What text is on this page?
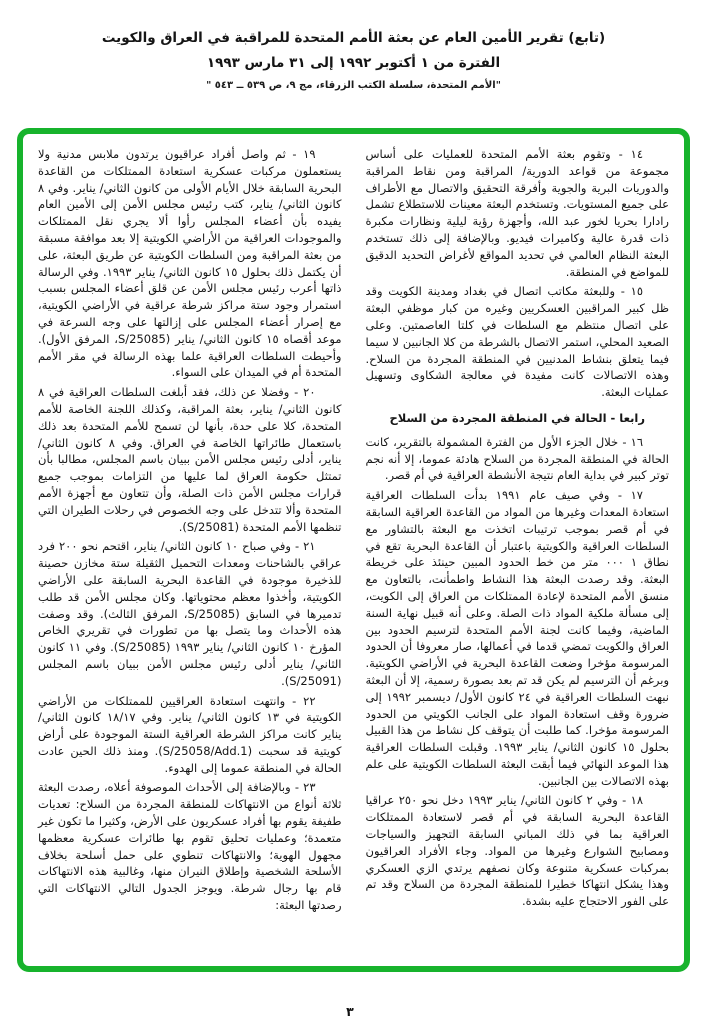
(تابع) تقرير الأمين العام عن بعثة الأمم المتحدة للمراقبة في العراق والكويت
الفترة من ١ أكتوبر ١٩٩٢ إلى ٣١ مارس ١٩٩٣
"الأمم المتحدة، سلسلة الكتب الزرقاء، مج ٩، ص ٥٣٩ ــ ٥٤٣ "

١٤ - وتقوم بعثة الأمم المتحدة للعمليات على أساس مجموعة من قواعد الدورية/ المراقبة ومن نقاط المراقبة والدوريات البرية والجوية وأفرقة التحقيق والاتصال مع الأطراف على جميع المستويات. وتستخدم البعثة معينات للاستطلاع تشمل رادارا بحريا لخور عبد الله، وأجهزة رؤية ليلية ونظارات مكبرة ذات قدرة عالية وكاميرات فيديو. وبالإضافة إلى ذلك تستخدم البعثة النظام العالمي في تحديد المواقع لأغراض التحديد الدقيق للمواضع في المنطقة.

١٥ - وللبعثة مكاتب اتصال في بغداد ومدينة الكويت وقد ظل كبير المراقبين العسكريين وغيره من كبار موظفي البعثة على اتصال منتظم مع السلطات في كلتا العاصمتين. وعلى الصعيد المحلي، استمر الاتصال بالشرطة من كلا الجانبين لا سيما فيما يتعلق بنشاط المدنيين في المنطقة المجردة من السلاح. وهذه الاتصالات كانت مفيدة في معالجة الشكاوى وتسهيل عمليات البعثة.

رابعا - الحالة في المنطقة المجردة من السلاح

١٦ - خلال الجزء الأول من الفترة المشمولة بالتقرير، كانت الحالة في المنطقة المجردة من السلاح هادئة عموما، إلا أنه نجم توتر كبير في بداية العام نتيجة الأنشطة العراقية في أم قصر.

١٧ - وفي صيف عام ١٩٩١ بدأت السلطات العراقية استعادة المعدات وغيرها من المواد من القاعدة العراقية السابقة في أم قصر بموجب ترتيبات اتخذت مع البعثة بالتشاور مع السلطات العراقية والكويتية باعتبار أن القاعدة البحرية تقع في نطاق ١ ٠٠٠ متر من خط الحدود المبين حينئذ على خريطة البعثة. وقد رصدت البعثة هذا النشاط واطمأنت، بالتعاون مع منسق الأمم المتحدة لإعادة الممتلكات من العراق إلى الكويت، إلى مسألة ملكية المواد ذات الصلة. وعلى أنه قبيل نهاية السنة الماضية، وفيما كانت لجنة الأمم المتحدة لترسيم الحدود بين العراق والكويت تمضي قدما في أعمالها، صار معروفا أن الحدود المرسومة مؤخرا وضعت القاعدة البحرية في الأراضي الكويتية. وبرغم أن الترسيم لم يكن قد تم بعد بصورة رسمية، إلا أن البعثة نبهت السلطات العراقية في ٢٤ كانون الأول/ ديسمبر ١٩٩٢ إلى ضرورة وقف استعادة المواد على الجانب الكويتي من الحدود المرسومة مؤخرا. كما طلبت أن يتوقف كل نشاط من هذا القبيل بحلول ١٥ كانون الثاني/ يناير ١٩٩٣. وقبلت السلطات العراقية هذا الموعد النهائي فيما أبقت البعثة السلطات الكويتية على علم بهذه الاتصالات بين الجانبين.

١٨ - وفي ٢ كانون الثاني/ يناير ١٩٩٣ دخل نحو ٢٥٠ عراقيا القاعدة البحرية السابقة في أم قصر لاستعادة الممتلكات العراقية بما في ذلك المباني السابقة التجهيز والسياجات ومصابيح الشوارع وغيرها من المواد. وجاء الأفراد العراقيون بمركبات عسكرية متنوعة وكان نصفهم يرتدي الزي العسكري وهذا يشكل انتهاكا خطيرا للمنطقة المجردة من السلاح وقد تم على الفور الاحتجاج عليه بشدة.

١٩ - ثم واصل أفراد عراقيون يرتدون ملابس مدنية ولا يستعملون مركبات عسكرية استعادة الممتلكات من القاعدة البحرية السابقة خلال الأيام الأولى من كانون الثاني/ يناير. وفي ٨ كانون الثاني/ يناير، كتب رئيس مجلس الأمن إلى الأمين العام يفيده بأن أعضاء المجلس رأوا ألا يجري نقل الممتلكات والموجودات العراقية من الأراضي الكويتية إلا بعد موافقة مسبقة من بعثة المراقبة ومن السلطات الكويتية عن طريق البعثة، على أن يكتمل ذلك بحلول ١٥ كانون الثاني/ يناير ١٩٩٣. وفي الرسالة ذاتها أعرب رئيس مجلس الأمن عن قلق أعضاء المجلس بسبب استمرار وجود ستة مراكز شرطة عراقية في الأراضي الكويتية، مع إصرار أعضاء المجلس على إزالتها على وجه السرعة في موعد أقصاه ١٥ كانون الثاني/ يناير (S/25085، المرفق الأول). وأحيطت السلطات العراقية علما بهذه الرسالة في مقر الأمم المتحدة أم في الميدان على السواء.

٢٠ - وفضلا عن ذلك، فقد أبلغت السلطات العراقية في ٨ كانون الثاني/ يناير، بعثة المراقبة، وكذلك اللجنة الخاصة للأمم المتحدة، كلا على حدة، بأنها لن تسمح للأمم المتحدة بعد ذلك باستعمال طائراتها الخاصة في العراق. وفي ٨ كانون الثاني/ يناير، أدلى رئيس مجلس الأمن ببيان باسم المجلس، مطالبا بأن تمتثل حكومة العراق لما عليها من التزامات بموجب جميع قرارات مجلس الأمن ذات الصلة، وأن تتعاون مع أجهزة الأمم المتحدة وألا تتدخل على وجه الخصوص في رحلات الطيران التي تنظمها الأمم المتحدة (S/25081).

٢١ - وفي صباح ١٠ كانون الثاني/ يناير، اقتحم نحو ٢٠٠ فرد عراقي بالشاحنات ومعدات التحميل الثقيلة ستة مخازن حصينة للذخيرة موجودة في القاعدة البحرية السابقة على الأراضي الكويتية، وأخذوا معظم محتوياتها. وكان مجلس الأمن قد طلب تدميرها في السابق (S/25085، المرفق الثالث). وقد وصفت هذه الأحداث وما يتصل بها من تطورات في تقريري الخاص المؤرخ ١٠ كانون الثاني/ يناير ١٩٩٣ (S/25085). وفي ١١ كانون الثاني/ يناير أدلى رئيس مجلس الأمن ببيان باسم المجلس (S/25091).

٢٢ - وانتهت استعادة العراقيين للممتلكات من الأراضي الكويتية في ١٣ كانون الثاني/ يناير. وفي ١٨/١٧ كانون الثاني/ يناير كانت مراكز الشرطة العراقية الستة الموجودة على أراض كويتية قد سحبت (S/25058/Add.1). ومنذ ذلك الحين عادت الحالة في المنطقة عموما إلى الهدوء.

٢٣ - وبالإضافة إلى الأحداث الموصوفة أعلاه، رصدت البعثة ثلاثة أنواع من الانتهاكات للمنطقة المجردة من السلاح: تعديات طفيفة يقوم بها أفراد عسكريون على الأرض، وكثيرا ما تكون غير متعمدة؛ وعمليات تحليق تقوم بها طائرات عسكرية معظمها مجهول الهوية؛ والانتهاكات تنطوي على حمل أسلحة بخلاف الأسلحة الشخصية وإطلاق النيران منها، وغالبية هذه الانتهاكات قام بها رجال شرطة. ويوجز الجدول التالي الانتهاكات التي رصدتها البعثة:

٣
